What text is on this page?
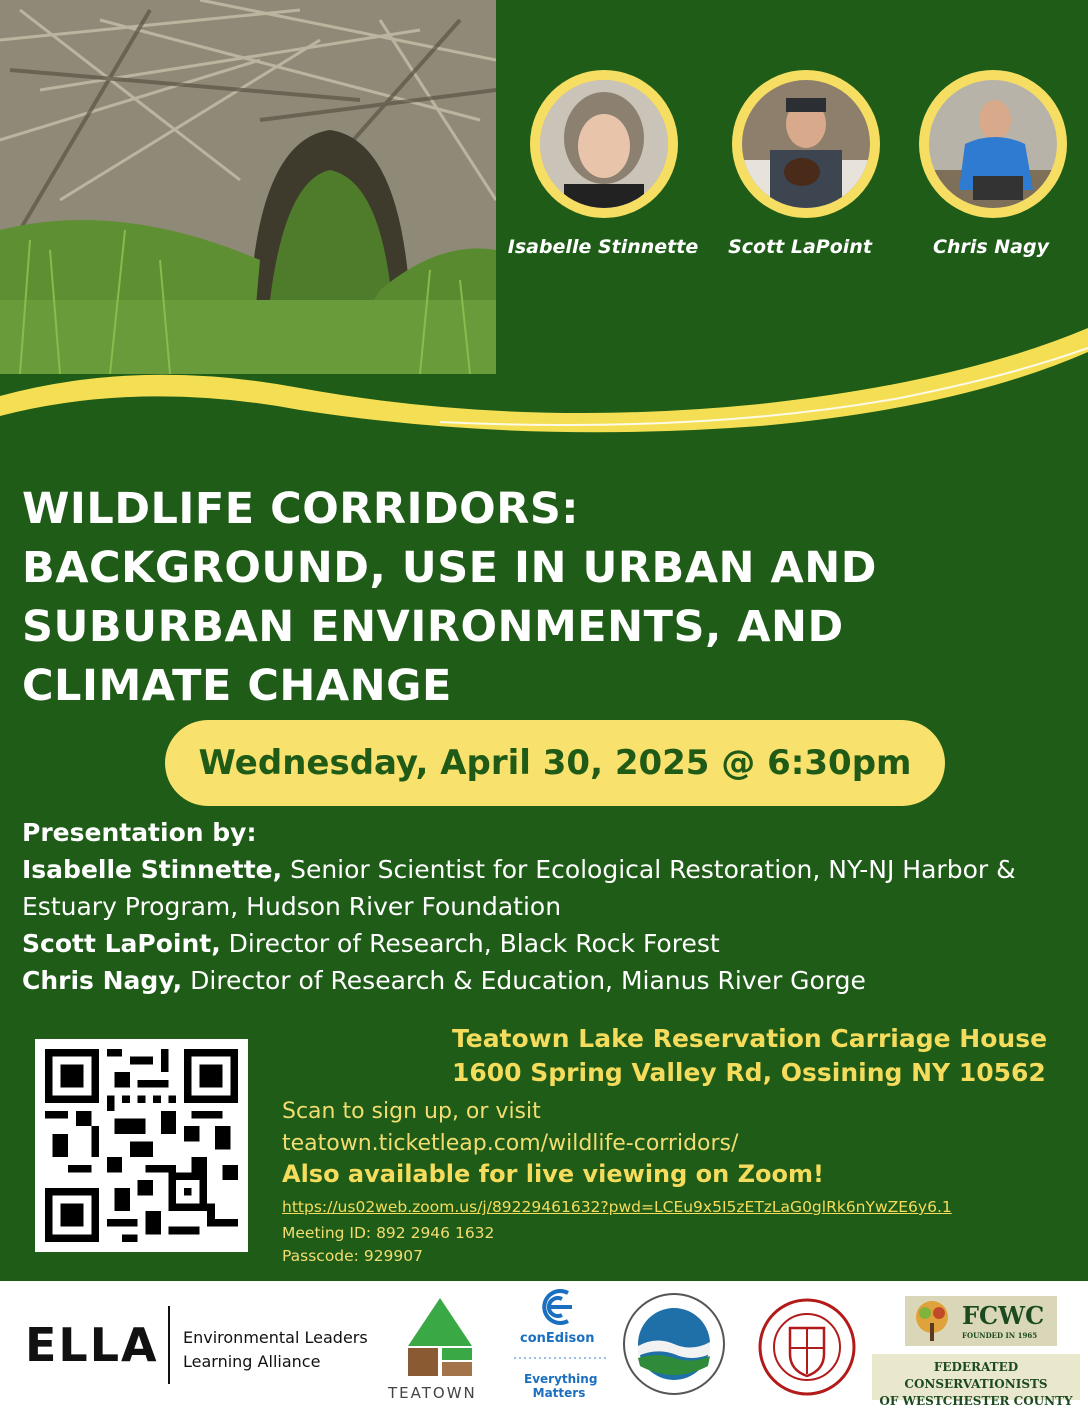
Isabelle Stinnette	Scott LaPoint	Chris Nagy
WILDLIFE CORRIDORS:
BACKGROUND, USE IN URBAN AND
SUBURBAN ENVIRONMENTS, AND
CLIMATE CHANGE
Wednesday, April 30, 2025 @ 6:30pm
Presentation by:
Isabelle Stinnette, Senior Scientist for Ecological Restoration, NY-NJ Harbor & Estuary Program, Hudson River Foundation
Scott LaPoint, Director of Research, Black Rock Forest
Chris Nagy, Director of Research & Education, Mianus River Gorge
Teatown Lake Reservation Carriage House
1600 Spring Valley Rd, Ossining NY 10562
Scan to sign up, or visit
teatown.ticketleap.com/wildlife-corridors/
Also available for live viewing on Zoom!
https://us02web.zoom.us/j/89229461632?pwd=LCEu9x5I5zETzLaG0glRk6nYwZE6y6.1
Meeting ID: 892 2946 1632
Passcode: 929907
ELLA Environmental Leaders
Learning Alliance
TEATOWN
conEdison
Everything Matters
FCWC
FOUNDED IN 1965
FEDERATED CONSERVATIONISTS
OF WESTCHESTER COUNTY
